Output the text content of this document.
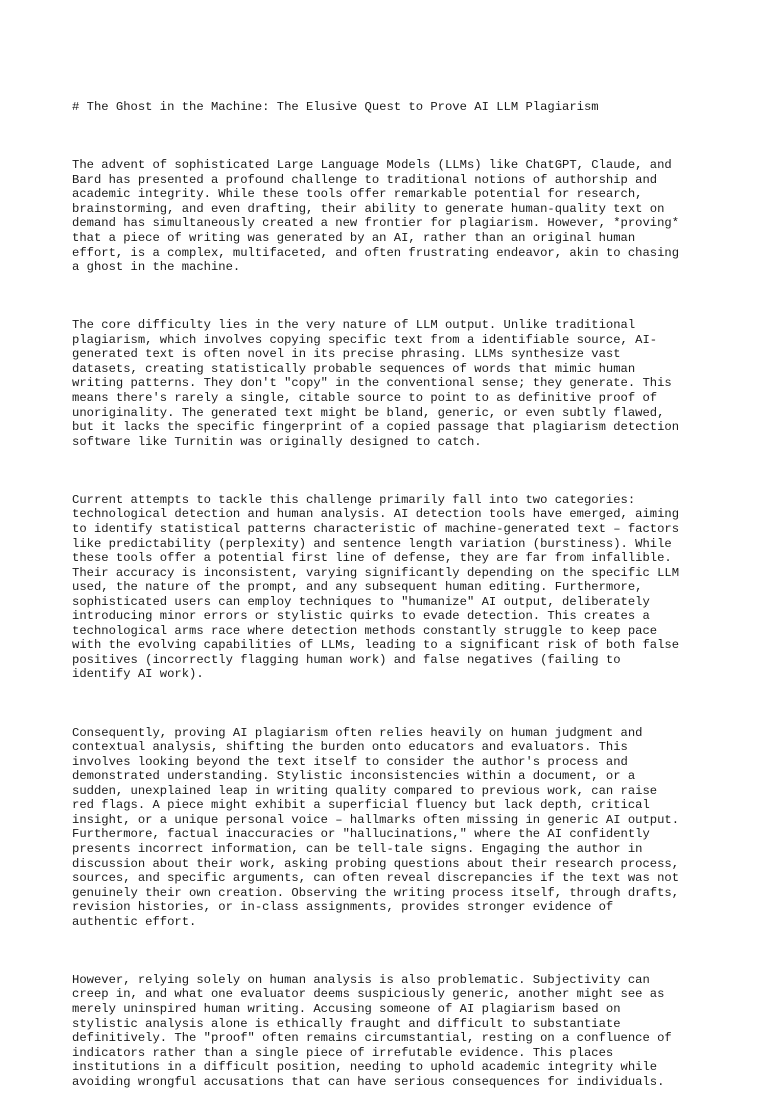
# The Ghost in the Machine: The Elusive Quest to Prove AI LLM Plagiarism

The advent of sophisticated Large Language Models (LLMs) like ChatGPT, Claude, and
Bard has presented a profound challenge to traditional notions of authorship and
academic integrity. While these tools offer remarkable potential for research,
brainstorming, and even drafting, their ability to generate human-quality text on
demand has simultaneously created a new frontier for plagiarism. However, *proving*
that a piece of writing was generated by an AI, rather than an original human
effort, is a complex, multifaceted, and often frustrating endeavor, akin to chasing
a ghost in the machine.

The core difficulty lies in the very nature of LLM output. Unlike traditional
plagiarism, which involves copying specific text from a identifiable source, AI-
generated text is often novel in its precise phrasing. LLMs synthesize vast
datasets, creating statistically probable sequences of words that mimic human
writing patterns. They don't "copy" in the conventional sense; they generate. This
means there's rarely a single, citable source to point to as definitive proof of
unoriginality. The generated text might be bland, generic, or even subtly flawed,
but it lacks the specific fingerprint of a copied passage that plagiarism detection
software like Turnitin was originally designed to catch.

Current attempts to tackle this challenge primarily fall into two categories:
technological detection and human analysis. AI detection tools have emerged, aiming
to identify statistical patterns characteristic of machine-generated text – factors
like predictability (perplexity) and sentence length variation (burstiness). While
these tools offer a potential first line of defense, they are far from infallible.
Their accuracy is inconsistent, varying significantly depending on the specific LLM
used, the nature of the prompt, and any subsequent human editing. Furthermore,
sophisticated users can employ techniques to "humanize" AI output, deliberately
introducing minor errors or stylistic quirks to evade detection. This creates a
technological arms race where detection methods constantly struggle to keep pace
with the evolving capabilities of LLMs, leading to a significant risk of both false
positives (incorrectly flagging human work) and false negatives (failing to
identify AI work).

Consequently, proving AI plagiarism often relies heavily on human judgment and
contextual analysis, shifting the burden onto educators and evaluators. This
involves looking beyond the text itself to consider the author's process and
demonstrated understanding. Stylistic inconsistencies within a document, or a
sudden, unexplained leap in writing quality compared to previous work, can raise
red flags. A piece might exhibit a superficial fluency but lack depth, critical
insight, or a unique personal voice – hallmarks often missing in generic AI output.
Furthermore, factual inaccuracies or "hallucinations," where the AI confidently
presents incorrect information, can be tell-tale signs. Engaging the author in
discussion about their work, asking probing questions about their research process,
sources, and specific arguments, can often reveal discrepancies if the text was not
genuinely their own creation. Observing the writing process itself, through drafts,
revision histories, or in-class assignments, provides stronger evidence of
authentic effort.

However, relying solely on human analysis is also problematic. Subjectivity can
creep in, and what one evaluator deems suspiciously generic, another might see as
merely uninspired human writing. Accusing someone of AI plagiarism based on
stylistic analysis alone is ethically fraught and difficult to substantiate
definitively. The "proof" often remains circumstantial, resting on a confluence of
indicators rather than a single piece of irrefutable evidence. This places
institutions in a difficult position, needing to uphold academic integrity while
avoiding wrongful accusations that can have serious consequences for individuals.
